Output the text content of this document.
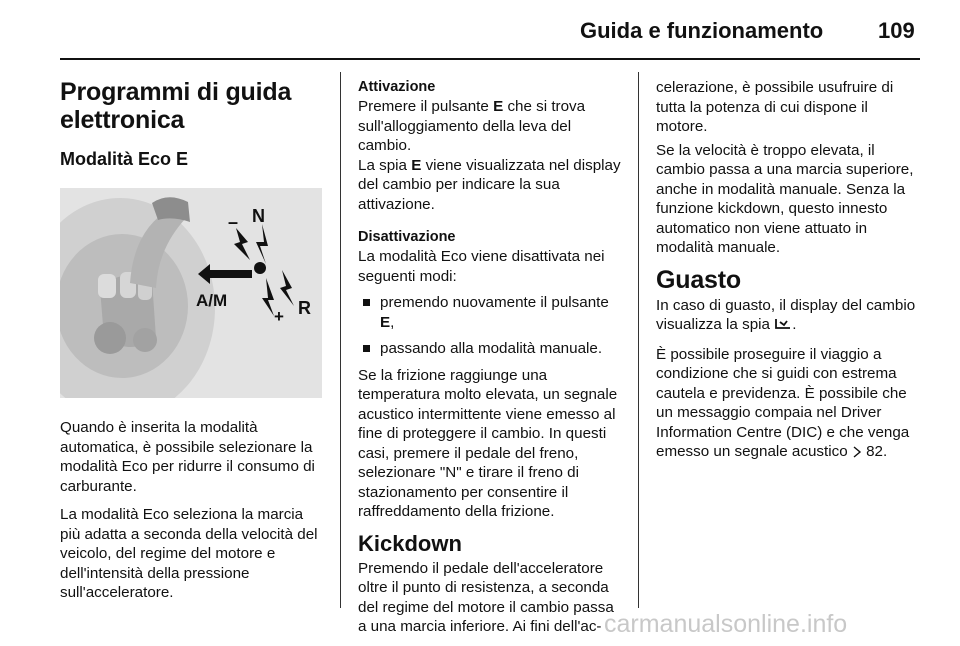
Guida e funzionamento 109
Programmi di guida elettronica
Modalità Eco E
N
–
A/M
+ R

Quando è inserita la modalità automatica, è possibile selezionare la modalità Eco per ridurre il consumo di carburante.

La modalità Eco seleziona la marcia più adatta a seconda della velocità del veicolo, del regime del motore e dell'intensità della pressione sull'acceleratore.

Attivazione

Premere il pulsante E che si trova sull'alloggiamento della leva del cambio.

La spia E viene visualizzata nel display del cambio per indicare la sua attivazione.

Disattivazione

La modalità Eco viene disattivata nei seguenti modi:

premendo nuovamente il pulsante E,
passando alla modalità manuale.

Se la frizione raggiunge una temperatura molto elevata, un segnale acustico intermittente viene emesso al fine di proteggere il cambio. In questi casi, premere il pedale del freno, selezionare "N" e tirare il freno di stazionamento per consentire il raffreddamento della frizione.

Kickdown

Premendo il pedale dell'acceleratore oltre il punto di resistenza, a seconda del regime del motore il cambio passa a una marcia inferiore. Ai fini dell'ac-

celerazione, è possibile usufruire di tutta la potenza di cui dispone il motore.

Se la velocità è troppo elevata, il cambio passa a una marcia superiore, anche in modalità manuale. Senza la funzione kickdown, questo innesto automatico non viene attuato in modalità manuale.

Guasto

In caso di guasto, il display del cambio visualizza la spia .

È possibile proseguire il viaggio a condizione che si guidi con estrema cautela e previdenza. È possibile che un messaggio compaia nel Driver Information Centre (DIC) e che venga emesso un segnale acustico  82.

carmanualsonline.info
